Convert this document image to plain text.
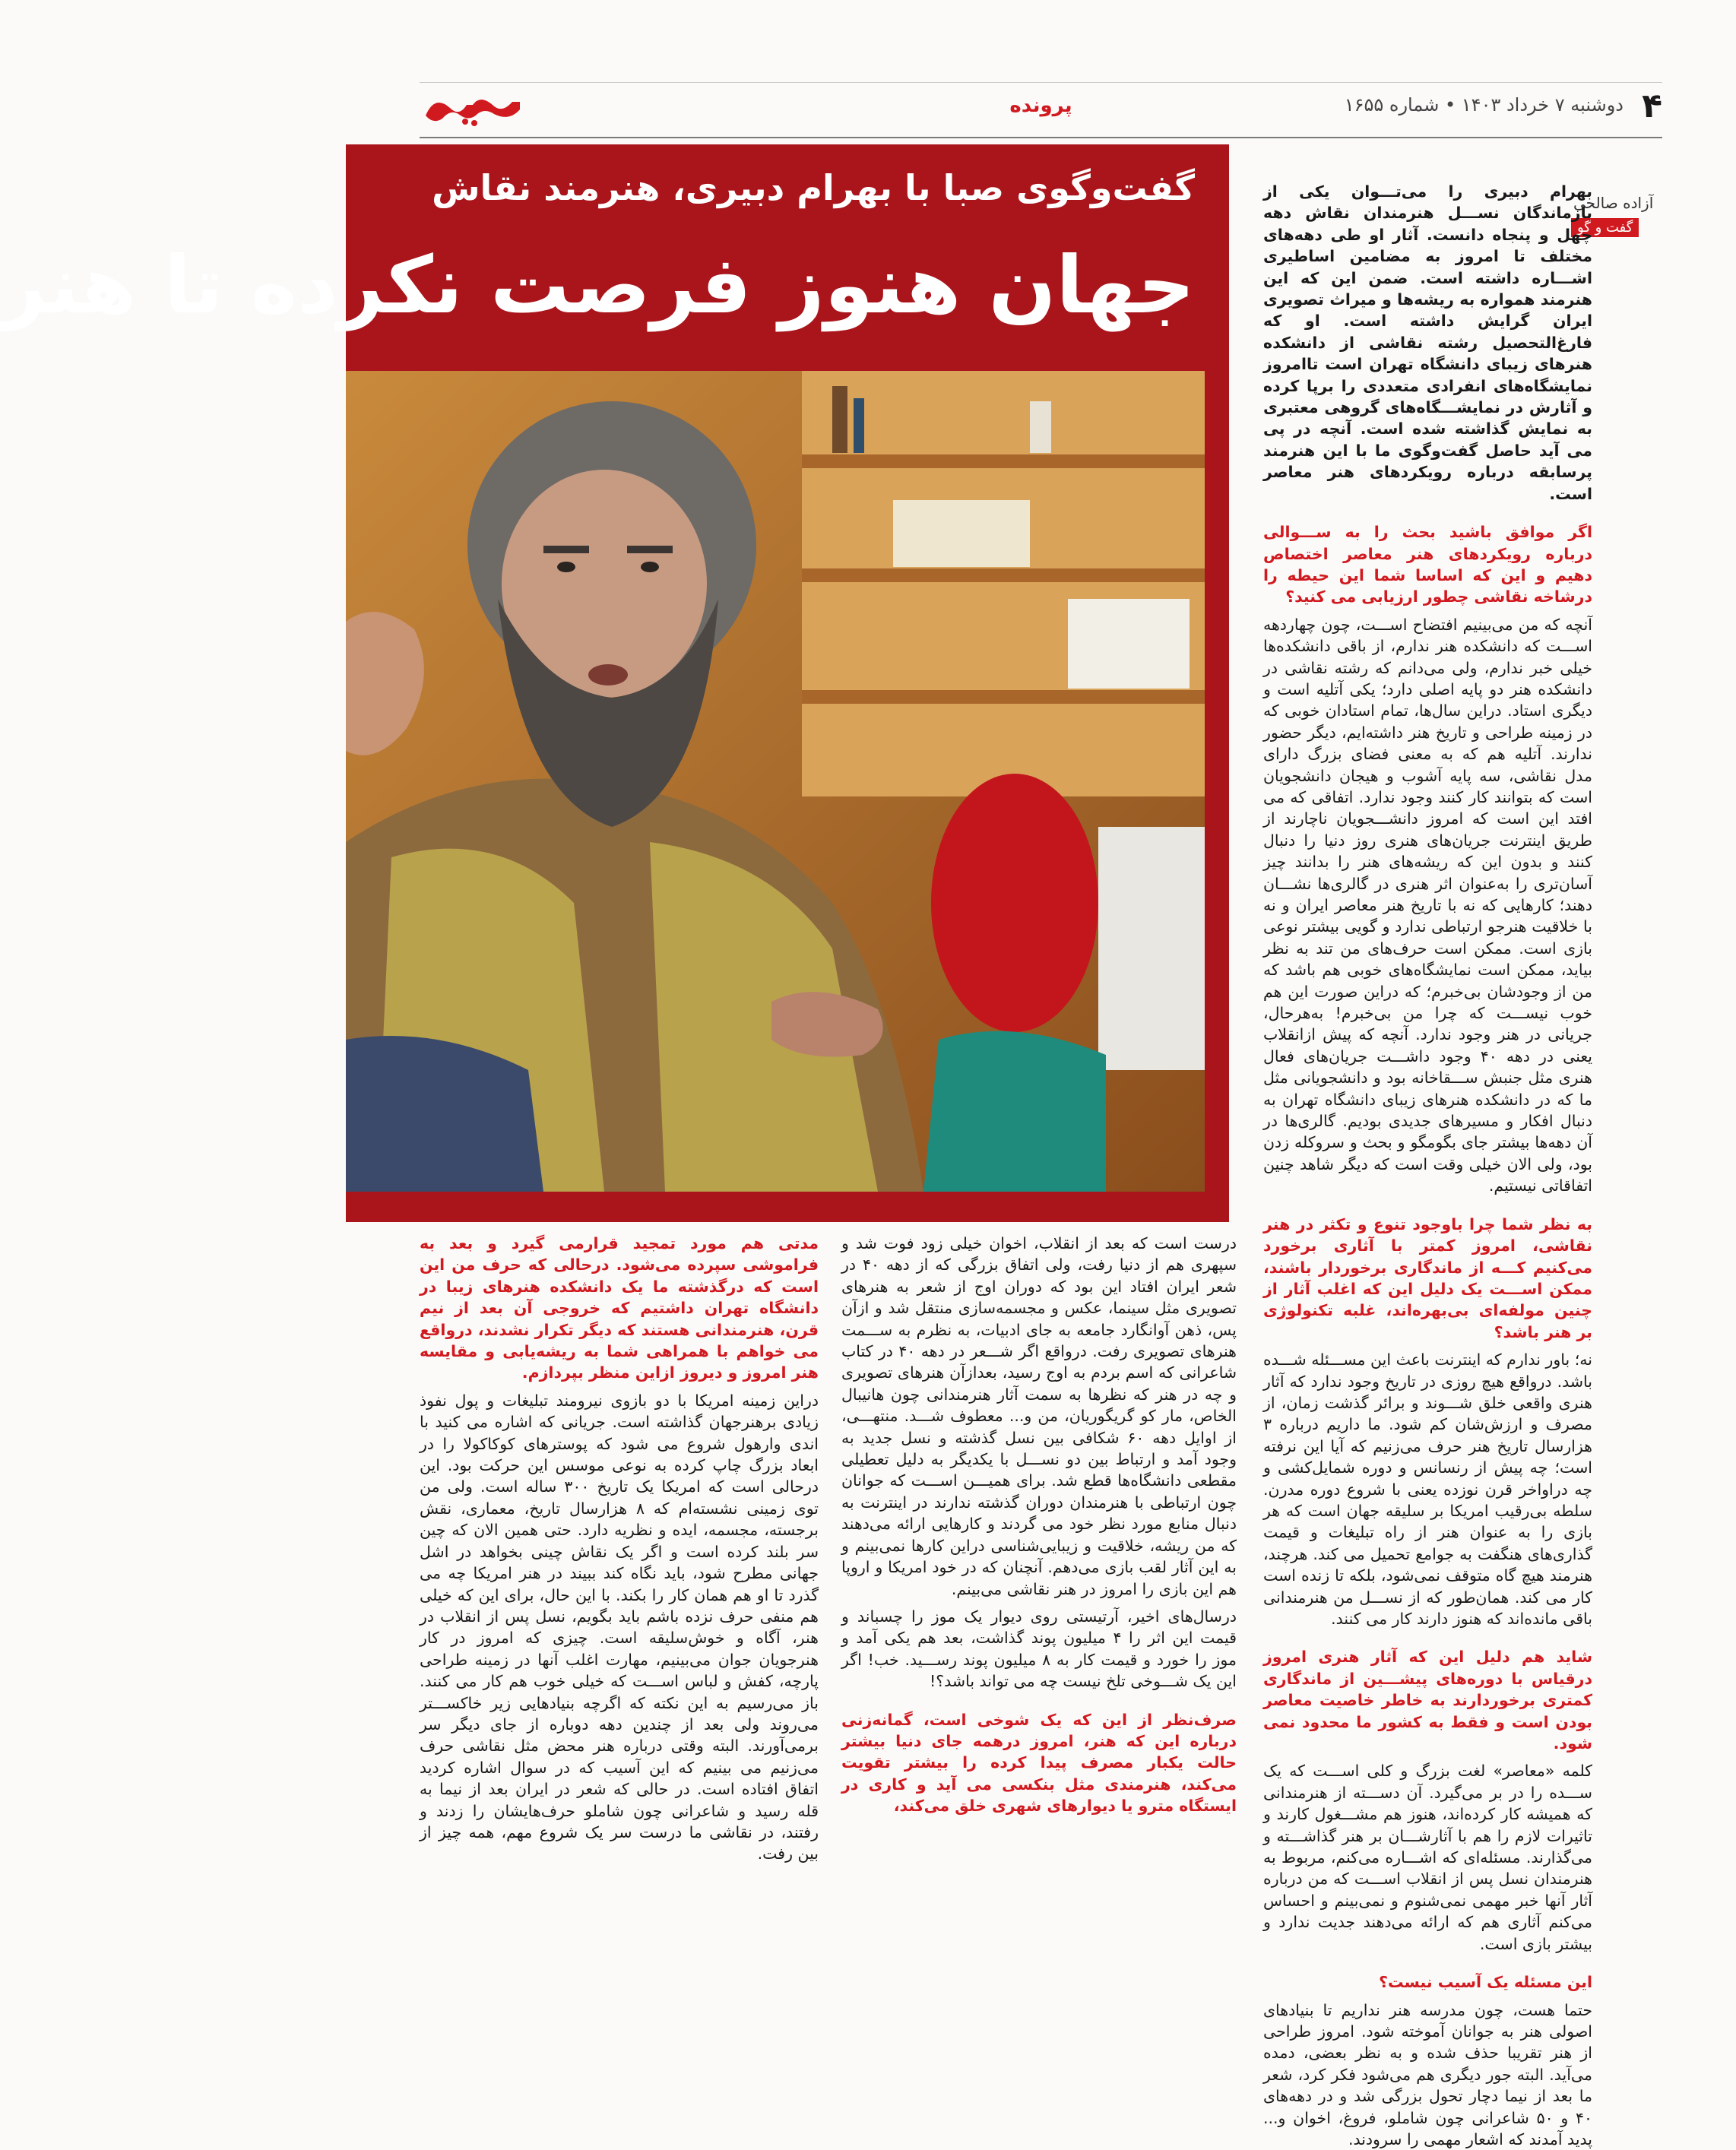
۴
دوشنبه ۷ خرداد ۱۴۰۳ • شماره ۱۶۵۵
پرونده
گفت‌وگوی صبا با بهرام دبیری، هنرمند نقاش
جهان هنوز فرصت نکرده تا هنر
آزاده صالحی
گفت و گو

بهرام دبیری را می‌تـــوان یکی از بازماندگان نســـل هنرمندان نقاش دهه چهل و پنجاه دانست. آثار او طی دهه‌های مختلف تا امروز به مضامین اساطیری اشـــاره داشته است. ضمن این که این هنرمند همواره به ریشه‌ها و میراث تصویری ایران گرایش داشته است. او که فارغ‌التحصیل رشته نقاشی از دانشکده هنرهای زیبای دانشگاه تهران است تاامروز نمایشگاه‌های انفرادی متعددی را برپا کرده و آثارش در نمایشـــگاه‌های گروهی معتبری به نمایش گذاشته شده است. آنچه در پی می آید حاصل گفت‌وگوی ما با این هنرمند پرسابقه درباره رویکردهای هنر معاصر است.

اگر موافق باشید بحث را به ســـوالی درباره رویکردهای هنر معاصر اختصاص دهیم و این که اساسا شما این حیطه را درشاخه نقاشی چطور ارزیابی می کنید؟

آنچه که من می‌بینیم افتضاح اســـت، چون چهاردهه اســـت که دانشکده هنر ندارم، از باقی دانشکده‌ها خیلی خبر ندارم، ولی می‌دانم که رشته نقاشی در دانشکده هنر دو پایه اصلی دارد؛ یکی آتلیه است و دیگری استاد. دراین سال‌ها، تمام استادان خوبی که در زمینه طراحی و تاریخ هنر داشته‌ایم، دیگر حضور ندارند. آتلیه هم که به معنی فضای بزرگ دارای مدل نقاشی، سه پایه آشوب و هیجان دانشجویان است که بتوانند کار کنند وجود ندارد. اتفاقی که می افتد این است که امروز دانشـــجویان ناچارند از طریق اینترنت جریان‌های هنری روز دنیا را دنبال کنند و بدون این که ریشه‌های هنر را بدانند چیز آسان‌تری را به‌عنوان اثر هنری در گالری‌ها نشـــان دهند؛ کارهایی که نه با تاریخ هنر معاصر ایران و نه با خلاقیت هنرجو ارتباطی ندارد و گویی بیشتر نوعی بازی است. ممکن است حرف‌های من تند به نظر بیاید، ممکن است نمایشگاه‌های خوبی هم باشد که من از وجودشان بی‌خبرم؛ که دراین صورت این هم خوب نیســـت که چرا من بی‌خبرم! به‌هرحال، جریانی در هنر وجود ندارد. آنچه که پیش ازانقلاب یعنی در دهه ۴۰ وجود داشـــت جریان‌های فعال هنری مثل جنبش ســـقاخانه بود و دانشجویانی مثل ما که در دانشکده هنرهای زیبای دانشگاه تهران به دنبال افکار و مسیرهای جدیدی بودیم. گالری‌ها در آن دهه‌ها بیشتر جای بگومگو و بحث و سروکله زدن بود، ولی الان خیلی وقت است که دیگر شاهد چنین اتفاقاتی نیستیم.

به نظر شما چرا باوجود تنوع و تکثر در هنر نقاشی، امروز کمتر با آثاری برخورد می‌کنیم کـــه از ماندگاری برخوردار باشند، ممکن اســـت یک دلیل این که اغلب آثار از چنین مولفه‌ای بی‌بهره‌اند، غلبه تکنولوژی بر هنر باشد؟

نه؛ باور ندارم که اینترنت باعث این مســـئله شـــده باشد. درواقع هیچ روزی در تاریخ وجود ندارد که آثار هنری واقعی خلق شـــوند و برائر گذشت زمان، از مصرف و ارزش‌شان کم شود. ما داریم درباره ۳ هزارسال تاریخ هنر حرف می‌زنیم که آیا این نرفته است؛ چه پیش از رنسانس و دوره شمایل‌کشی و چه دراواخر قرن نوزده یعنی با شروع دوره مدرن. سلطه بی‌رقیب امریکا بر سلیقه جهان است که هر بازی را به عنوان هنر از راه تبلیغات و قیمت گذاری‌های هنگفت به جوامع تحمیل می کند. هرچند، هنرمند هیچ گاه متوقف نمی‌شود، بلکه تا زنده است کار می کند. همان‌طور که از نســـل من هنرمندانی باقی مانده‌اند که هنوز دارند کار می کنند.

شاید هم دلیل این که آثار هنری امروز درقیاس با دوره‌های پیشـــین از ماندگاری کمتری برخوردارند به خاطر خاصیت معاصر بودن است و فقط به کشور ما محدود نمی شود.

کلمه «معاصر» لغت بزرگ و کلی اســـت که یک ســـده را در بر می‌گیرد. آن دســـته از هنرمندانی که همیشه کار کرده‌اند، هنوز هم مشـــغول کارند و تاثیرات لازم را هم با آثارشـــان بر هنر گذاشـــته و می‌گذارند. مسئله‌ای که اشـــاره می‌کنم، مربوط به هنرمندان نسل پس از انقلاب اســـت که من درباره آثار آنها خبر مهمی نمی‌شنوم و نمی‌بینم و احساس می‌کنم آثاری هم که ارائه می‌دهند جدیت ندارد و بیشتر بازی است.

این مسئله یک آسیب نیست؟

حتما هست، چون مدرسه هنر نداریم تا بنیادهای اصولی هنر به جوانان آموخته شود. امروز طراحی از هنر تقریبا حذف شده و به نظر بعضی، دمده می‌آید. البته جور دیگری هم می‌شود فکر کرد، شعر ما بعد از نیما دچار تحول بزرگی شد و در دهه‌های ۴۰ و ۵۰ شاعرانی چون شاملو، فروغ، اخوان و... پدید آمدند که اشعار مهمی را سرودند.

درست است که بعد از انقلاب، اخوان خیلی زود فوت شد و سپهری هم از دنیا رفت، ولی اتفاق بزرگی که از دهه ۴۰ در شعر ایران افتاد این بود که دوران اوج از شعر به هنرهای تصویری مثل سینما، عکس و مجسمه‌سازی منتقل شد و ازآن پس، ذهن آوانگارد جامعه به جای ادبیات، به نظرم به ســـمت هنرهای تصویری رفت. درواقع اگر شـــعر در دهه ۴۰ در کتاب شاعرانی که اسم بردم به اوج رسید، بعدازآن هنرهای تصویری و چه در هنر که نظرها به سمت آثار هنرمندانی چون هانیبال الخاص، مار کو گریگوریان، من و... معطوف شـــد. منتهـــی، از اوایل دهه ۶۰ شکافی بین نسل گذشته و نسل جدید به وجود آمد و ارتباط بین دو نســـل با یکدیگر به دلیل تعطیلی مقطعی دانشگاه‌ها قطع شد. برای همیـــن اســـت که جوانان چون ارتباطی با هنرمندان دوران گذشته ندارند در اینترنت به دنبال منابع مورد نظر خود می گردند و کارهایی ارائه می‌دهند که من ریشه، خلاقیت و زیبایی‌شناسی دراین کارها نمی‌بینم و به این آثار لقب بازی می‌دهم. آنچنان که در خود امریکا و اروپا هم این بازی را امروز در هنر نقاشی می‌بینم.

درسال‌های اخیر، آرتیستی روی دیوار یک موز را چسباند و قیمت این اثر را ۴ میلیون پوند گذاشت، بعد هم یکی آمد و موز را خورد و قیمت کار به ۸ میلیون پوند رســـید. خب! اگر این یک شـــوخی تلخ نیست چه می تواند باشد؟!

صرف‌نظر از این که یک شوخی است، گمانه‌زنی درباره این که هنر، امروز درهمه جای دنیا بیشتر حالت یکبار مصرف پیدا کرده را بیشتر تقویت می‌کند، هنرمندی مثل بنکسی می آید و کاری در ایستگاه مترو یا دیوارهای شهری خلق می‌کند،

مدتی هم مورد تمجید قرارمی گیرد و بعد به فراموشی سپرده می‌شود. درحالی که حرف من این است که درگذشته ما یک دانشکده هنرهای زیبا در دانشگاه تهران داشتیم که خروجی آن بعد از نیم قرن، هنرمندانی هستند که دیگر تکرار نشدند، درواقع می خواهم با همراهی شما به ریشه‌یابی و مقایسه هنر امروز و دیروز ازاین منظر بپردازم.

دراین زمینه امریکا با دو بازوی نیرومند تبلیغات و پول نفوذ زیادی برهنرجهان گذاشته است. جریانی که اشاره می کنید با اندی وارهول شروع می شود که پوسترهای کوکاکولا را در ابعاد بزرگ چاپ کرده به نوعی موسس این حرکت بود. این درحالی است که امریکا یک تاریخ ۳۰۰ ساله است. ولی من توی زمینی نشسته‌ام که ۸ هزارسال تاریخ، معماری، نقش برجسته، مجسمه، ایده و نظریه دارد. حتی همین الان که چین سر بلند کرده است و اگر یک نقاش چینی بخواهد در اشل جهانی مطرح شود، باید نگاه کند ببیند در هنر امریکا چه می گذرد تا او هم همان کار را بکند. با این حال، برای این که خیلی هم منفی حرف نزده باشم باید بگویم، نسل پس از انقلاب در هنر، آگاه و خوش‌سلیقه است. چیزی که امروز در کار هنرجویان جوان می‌بینیم، مهارت اغلب آنها در زمینه طراحی پارچه، کفش و لباس اســـت که خیلی خوب هم کار می کنند. باز می‌رسیم به این نکته که اگرچه بنیادهایی زیر خاکســـتر می‌روند ولی بعد از چندین دهه دوباره از جای دیگر سر برمی‌آورند. البته وقتی درباره هنر محض مثل نقاشی حرف می‌زنیم می بینیم که این آسیب که در سوال اشاره کردید اتفاق افتاده است. در حالی که شعر در ایران بعد از نیما به قله رسید و شاعرانی چون شاملو حرف‌هایشان را زدند و رفتند، در نقاشی ما درست سر یک شروع مهم، همه چیز از بین رفت.
